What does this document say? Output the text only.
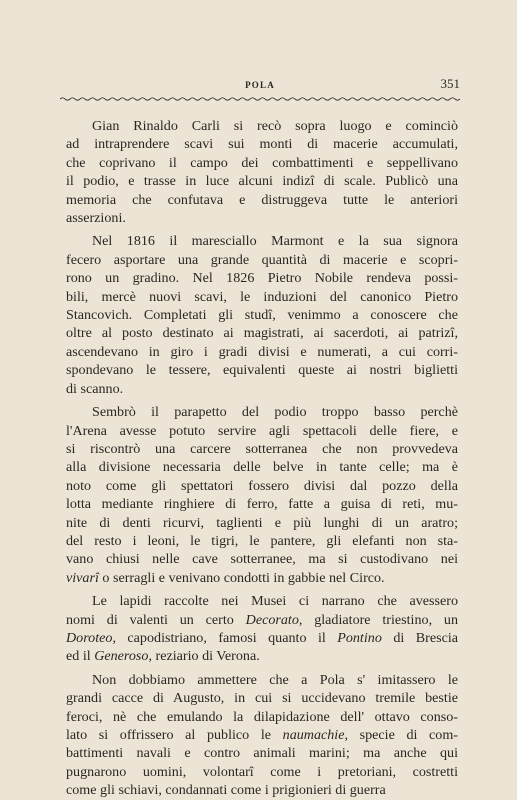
POLA	351
Gian Rinaldo Carli si recò sopra luogo e cominciò
ad intraprendere scavi sui monti di macerie accumulati,
che coprivano il campo dei combattimenti e seppellivano
il podio, e trasse in luce alcuni indizî di scale. Publicò una
memoria che confutava e distruggeva tutte le anteriori
asserzioni.
Nel 1816 il maresciallo Marmont e la sua signora
fecero asportare una grande quantità di macerie e scopri-
rono un gradino. Nel 1826 Pietro Nobile rendeva possi-
bili, mercè nuovi scavi, le induzioni del canonico Pietro
Stancovich. Completati gli studî, venimmo a conoscere che
oltre al posto destinato ai magistrati, ai sacerdoti, ai patrizî,
ascendevano in giro i gradi divisi e numerati, a cui corri-
spondevano le tessere, equivalenti queste ai nostri biglietti
di scanno.
Sembrò il parapetto del podio troppo basso perchè
l'Arena avesse potuto servire agli spettacoli delle fiere, e
si riscontrò una carcere sotterranea che non provvedeva
alla divisione necessaria delle belve in tante celle; ma è
noto come gli spettatori fossero divisi dal pozzo della
lotta mediante ringhiere di ferro, fatte a guisa di reti, mu-
nite di denti ricurvi, taglienti e più lunghi di un aratro;
del resto i leoni, le tigri, le pantere, gli elefanti non sta-
vano chiusi nelle cave sotterranee, ma si custodivano nei
vivarî o serragli e venivano condotti in gabbie nel Circo.
Le lapidi raccolte nei Musei ci narrano che avessero
nomi di valenti un certo Decorato, gladiatore triestino, un
Doroteo, capodistriano, famosi quanto il Pontino di Brescia
ed il Generoso, reziario di Verona.
Non dobbiamo ammettere che a Pola s' imitassero le
grandi cacce di Augusto, in cui si uccidevano tremile bestie
feroci, nè che emulando la dilapidazione dell' ottavo conso-
lato si offrissero al publico le naumachie, specie di com-
battimenti navali e contro animali marini; ma anche qui
pugnarono uomini, volontarî come i pretoriani, costretti
come gli schiavi, condannati come i prigionieri di guerra
